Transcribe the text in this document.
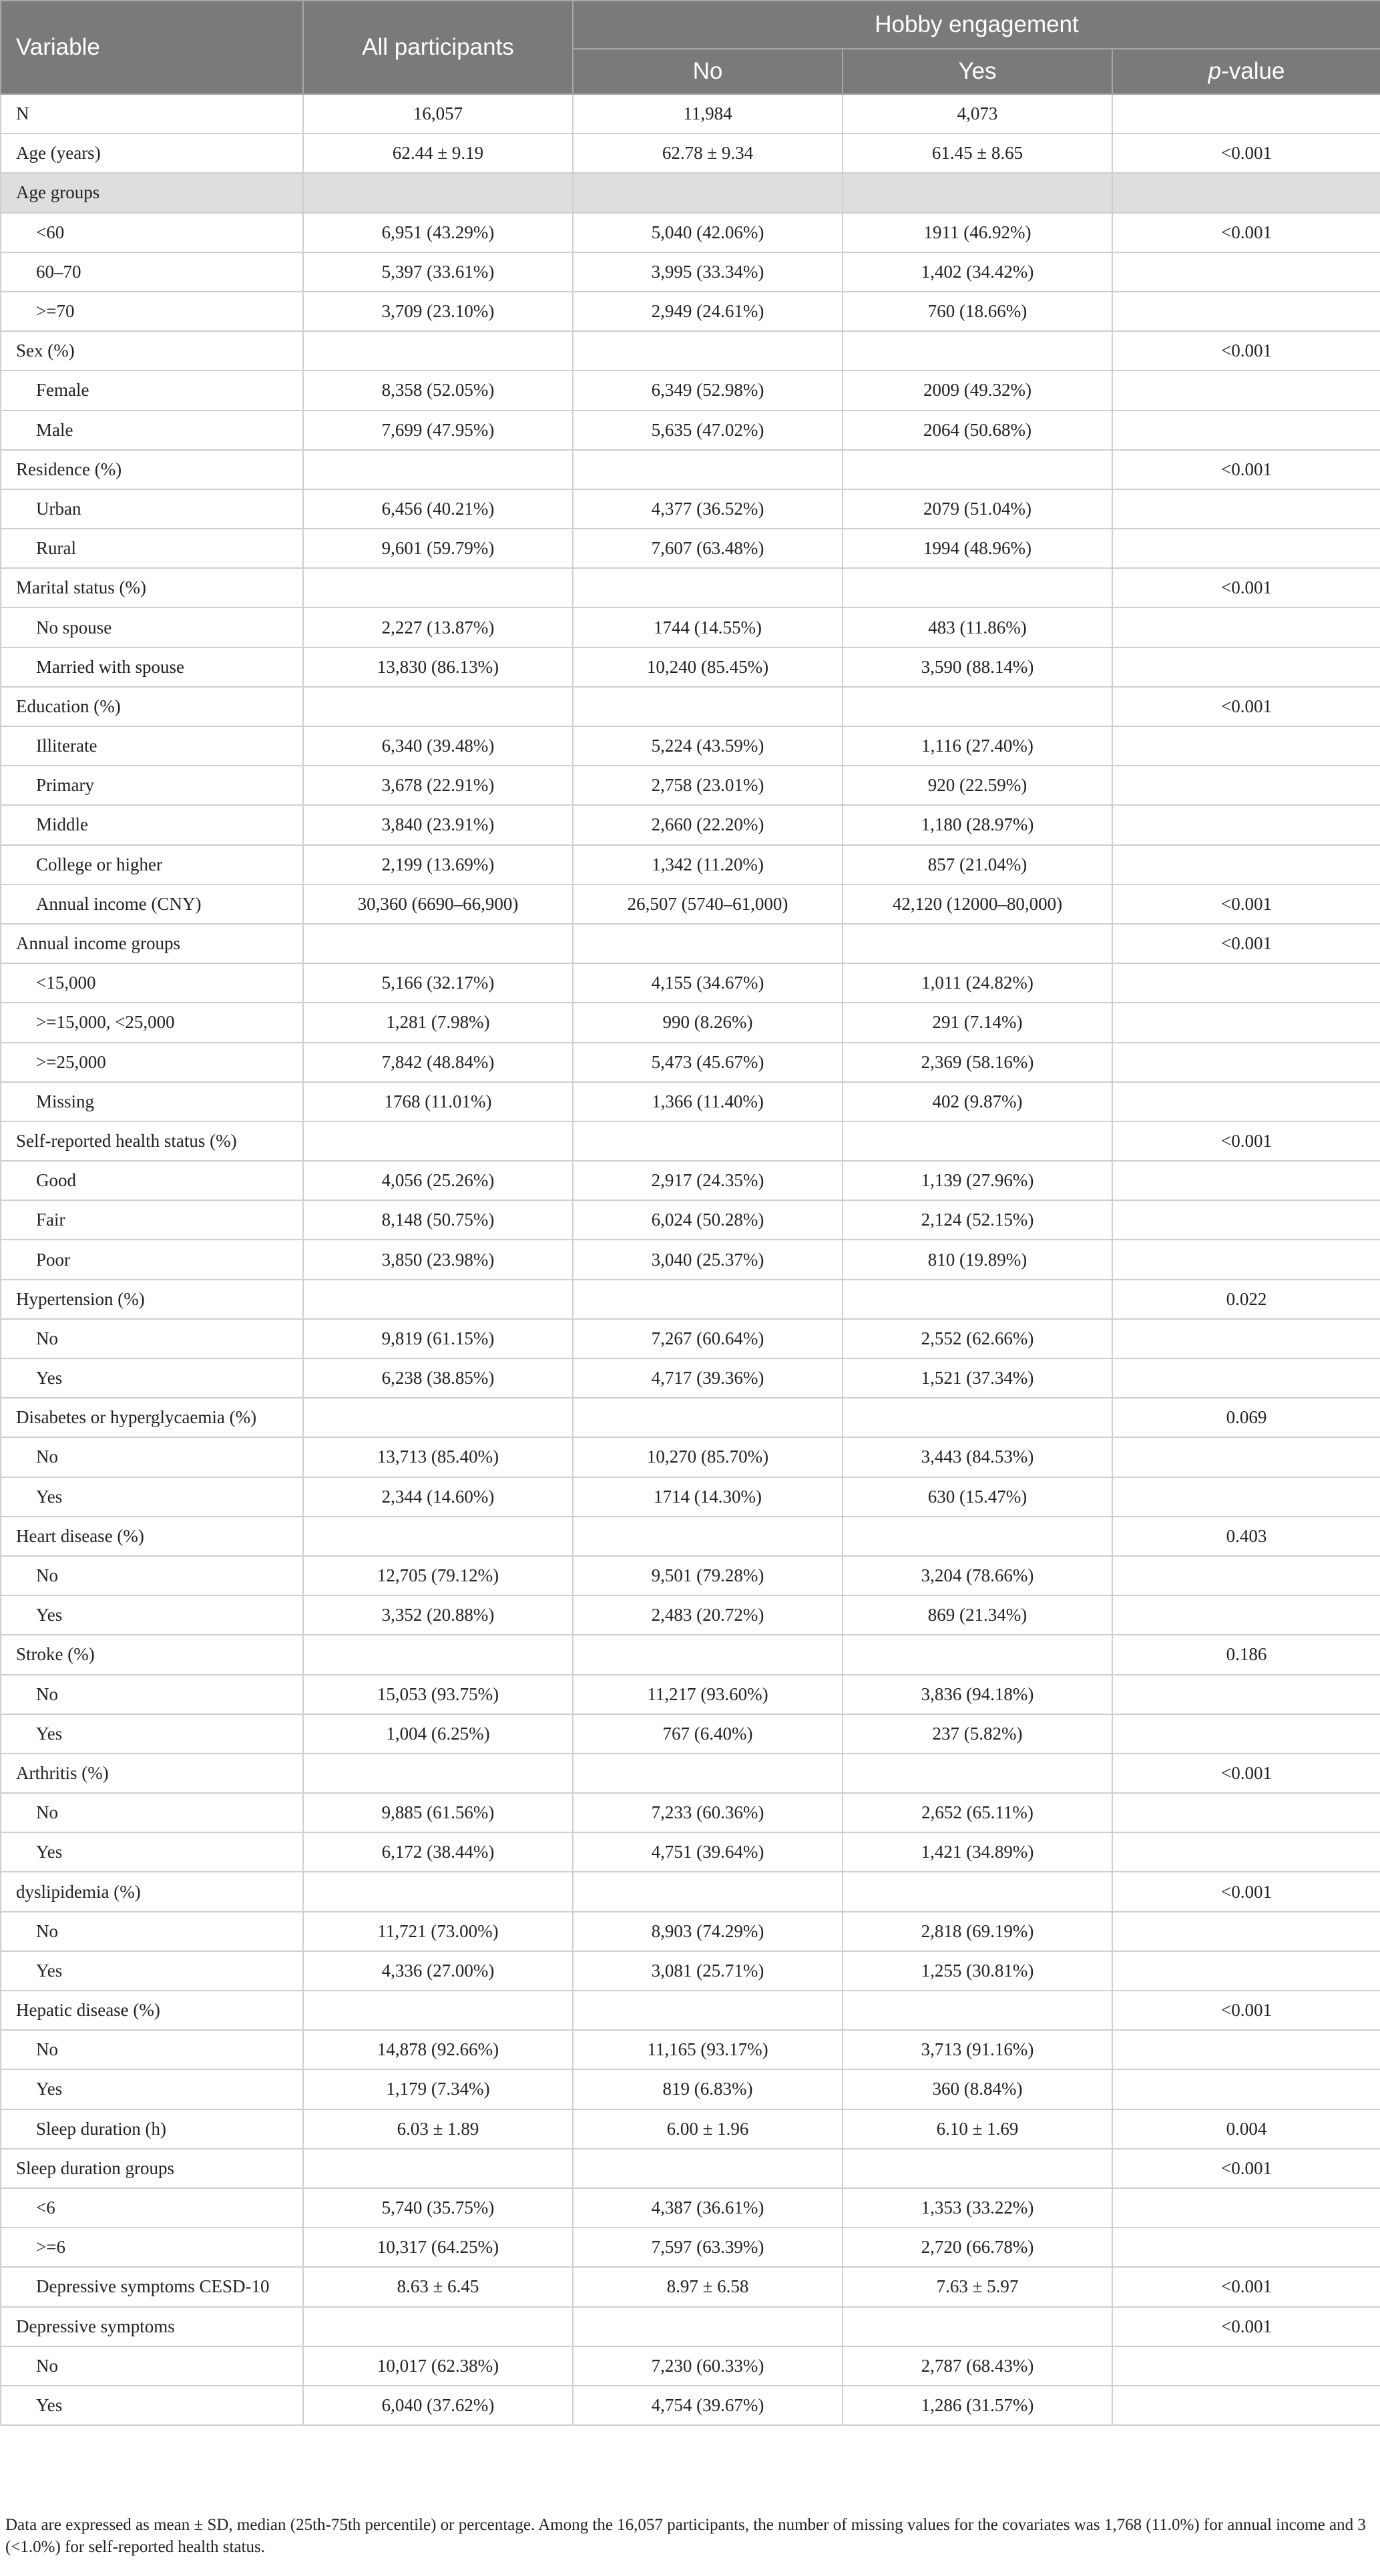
Variable	All participants	Hobby engagement		
		No	Yes	p-value
N	16,057	11,984	4,073	
Age (years)	62.44 ± 9.19	62.78 ± 9.34	61.45 ± 8.65	<0.001
Age groups				
<60	6,951 (43.29%)	5,040 (42.06%)	1911 (46.92%)	<0.001
60–70	5,397 (33.61%)	3,995 (33.34%)	1,402 (34.42%)	
>=70	3,709 (23.10%)	2,949 (24.61%)	760 (18.66%)	
Sex (%)				<0.001
Female	8,358 (52.05%)	6,349 (52.98%)	2009 (49.32%)	
Male	7,699 (47.95%)	5,635 (47.02%)	2064 (50.68%)	
Residence (%)				<0.001
Urban	6,456 (40.21%)	4,377 (36.52%)	2079 (51.04%)	
Rural	9,601 (59.79%)	7,607 (63.48%)	1994 (48.96%)	
Marital status (%)				<0.001
No spouse	2,227 (13.87%)	1744 (14.55%)	483 (11.86%)	
Married with spouse	13,830 (86.13%)	10,240 (85.45%)	3,590 (88.14%)	
Education (%)				<0.001
Illiterate	6,340 (39.48%)	5,224 (43.59%)	1,116 (27.40%)	
Primary	3,678 (22.91%)	2,758 (23.01%)	920 (22.59%)	
Middle	3,840 (23.91%)	2,660 (22.20%)	1,180 (28.97%)	
College or higher	2,199 (13.69%)	1,342 (11.20%)	857 (21.04%)	
Annual income (CNY)	30,360 (6690–66,900)	26,507 (5740–61,000)	42,120 (12000–80,000)	<0.001
Annual income groups				<0.001
<15,000	5,166 (32.17%)	4,155 (34.67%)	1,011 (24.82%)	
>=15,000, <25,000	1,281 (7.98%)	990 (8.26%)	291 (7.14%)	
>=25,000	7,842 (48.84%)	5,473 (45.67%)	2,369 (58.16%)	
Missing	1768 (11.01%)	1,366 (11.40%)	402 (9.87%)	
Self-reported health status (%)				<0.001
Good	4,056 (25.26%)	2,917 (24.35%)	1,139 (27.96%)	
Fair	8,148 (50.75%)	6,024 (50.28%)	2,124 (52.15%)	
Poor	3,850 (23.98%)	3,040 (25.37%)	810 (19.89%)	
Hypertension (%)				0.022
No	9,819 (61.15%)	7,267 (60.64%)	2,552 (62.66%)	
Yes	6,238 (38.85%)	4,717 (39.36%)	1,521 (37.34%)	
Disabetes or hyperglycaemia (%)				0.069
No	13,713 (85.40%)	10,270 (85.70%)	3,443 (84.53%)	
Yes	2,344 (14.60%)	1714 (14.30%)	630 (15.47%)	
Heart disease (%)				0.403
No	12,705 (79.12%)	9,501 (79.28%)	3,204 (78.66%)	
Yes	3,352 (20.88%)	2,483 (20.72%)	869 (21.34%)	
Stroke (%)				0.186
No	15,053 (93.75%)	11,217 (93.60%)	3,836 (94.18%)	
Yes	1,004 (6.25%)	767 (6.40%)	237 (5.82%)	
Arthritis (%)				<0.001
No	9,885 (61.56%)	7,233 (60.36%)	2,652 (65.11%)	
Yes	6,172 (38.44%)	4,751 (39.64%)	1,421 (34.89%)	
dyslipidemia (%)				<0.001
No	11,721 (73.00%)	8,903 (74.29%)	2,818 (69.19%)	
Yes	4,336 (27.00%)	3,081 (25.71%)	1,255 (30.81%)	
Hepatic disease (%)				<0.001
No	14,878 (92.66%)	11,165 (93.17%)	3,713 (91.16%)	
Yes	1,179 (7.34%)	819 (6.83%)	360 (8.84%)	
Sleep duration (h)	6.03 ± 1.89	6.00 ± 1.96	6.10 ± 1.69	0.004
Sleep duration groups				<0.001
<6	5,740 (35.75%)	4,387 (36.61%)	1,353 (33.22%)	
>=6	10,317 (64.25%)	7,597 (63.39%)	2,720 (66.78%)	
Depressive symptoms CESD-10	8.63 ± 6.45	8.97 ± 6.58	7.63 ± 5.97	<0.001
Depressive symptoms				<0.001
No	10,017 (62.38%)	7,230 (60.33%)	2,787 (68.43%)	
Yes	6,040 (37.62%)	4,754 (39.67%)	1,286 (31.57%)	
Data are expressed as mean ± SD, median (25th-75th percentile) or percentage. Among the 16,057 participants, the number of missing values for the covariates was 1,768 (11.0%) for annual income and 3 (<1.0%) for self-reported health status.
